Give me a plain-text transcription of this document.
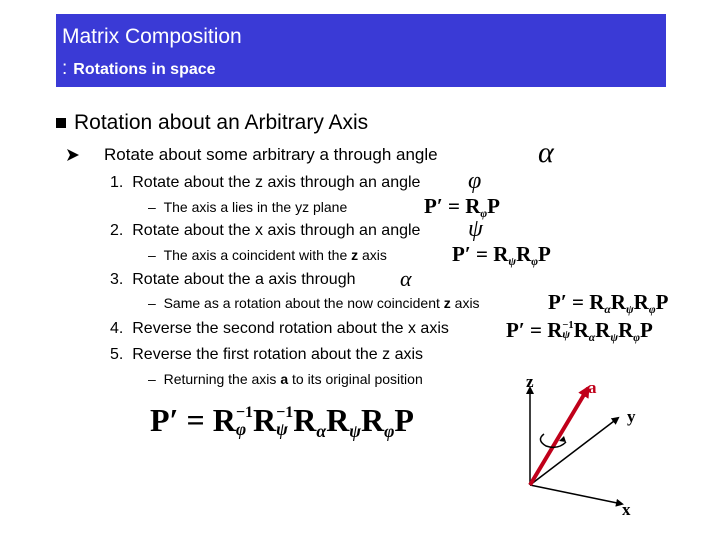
Matrix Composition
: Rotations in space
Rotation about an Arbitrary Axis
Rotate about some arbitrary a through angle	α
1. Rotate about the z axis through an angle φ
– The axis a lies in the yz plane	$P' = R_\varphi P$
2. Rotate about the x axis through an angle ψ
– The axis a coincident with the z axis	$P' = R_\psi R_\varphi P$
3. Rotate about the a axis through α
– Same as a rotation about the now coincident z axis	$P' = R_\alpha R_\psi R_\varphi P$
4. Reverse the second rotation about the x axis	$P' = R^{-1}$
ψ $R_\alpha R_\psi R_\varphi P$
5. Reverse the first rotation about the z axis
– Returning the axis a to its original position
$P' = R^{-1}$
φ $R^{-1}$
ψ $R_\alpha R_\psi R_\varphi P$
z	a
y
x
